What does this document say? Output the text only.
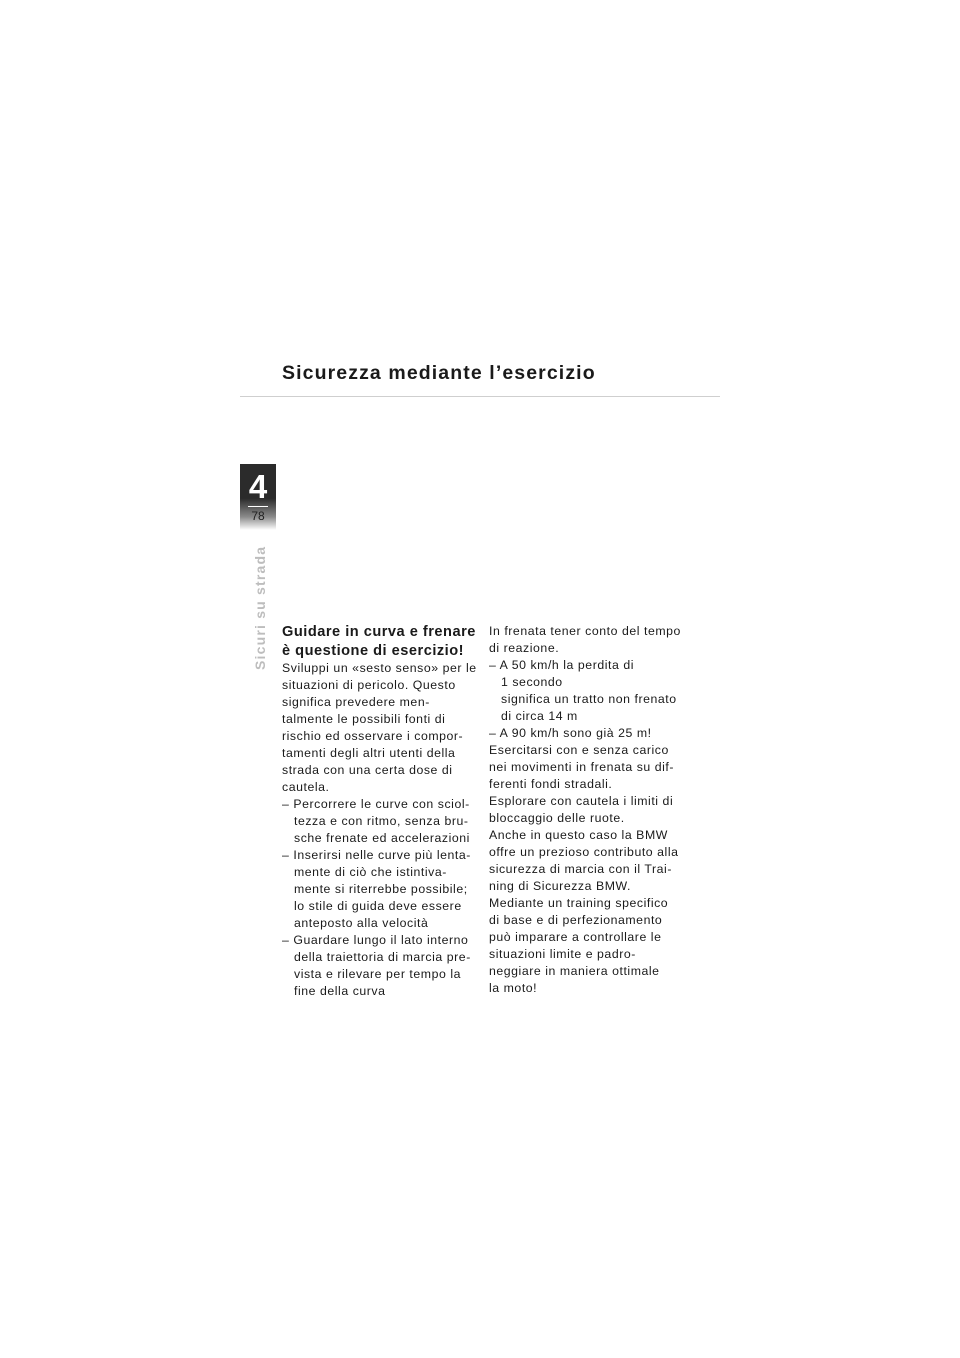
Sicurezza mediante l’esercizio
4
78
Sicuri su strada Guidare in curva e frenare
è questione di esercizio!
Sviluppi un «sesto senso» per le
situazioni di pericolo. Questo
significa prevedere men-
talmente le possibili fonti di
rischio ed osservare i compor-
tamenti degli altri utenti della
strada con una certa dose di
cautela.
– Percorrere le curve con sciol-
tezza e con ritmo, senza bru-
sche frenate ed accelerazioni
– Inserirsi nelle curve più lenta-
mente di ciò che istintiva-
mente si riterrebbe possibile;
lo stile di guida deve essere
anteposto alla velocità
– Guardare lungo il lato interno
della traiettoria di marcia pre-
vista e rilevare per tempo la
fine della curva
In frenata tener conto del tempo
di reazione.
– A 50 km/h la perdita di
1 secondo
significa un tratto non frenato
di circa 14 m
– A 90 km/h sono già 25 m!
Esercitarsi con e senza carico
nei movimenti in frenata su dif-
ferenti fondi stradali.
Esplorare con cautela i limiti di
bloccaggio delle ruote.
Anche in questo caso la BMW
offre un prezioso contributo alla
sicurezza di marcia con il Trai-
ning di Sicurezza BMW.
Mediante un training specifico
di base e di perfezionamento
può imparare a controllare le
situazioni limite e padro-
neggiare in maniera ottimale
la moto!
